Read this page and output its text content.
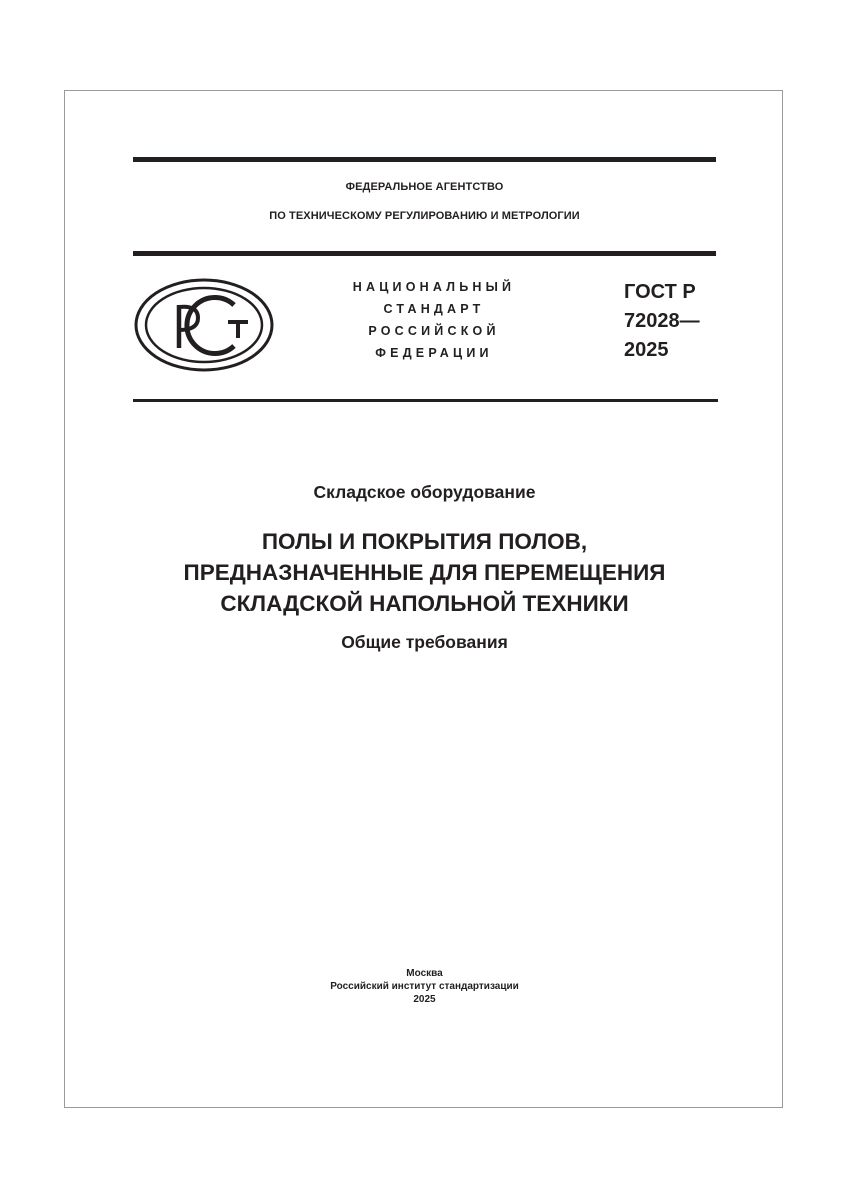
ФЕДЕРАЛЬНОЕ АГЕНТСТВО
ПО ТЕХНИЧЕСКОМУ РЕГУЛИРОВАНИЮ И МЕТРОЛОГИИ
НАЦИОНАЛЬНЫЙ
СТАНДАРТ
РОССИЙСКОЙ
ФЕДЕРАЦИИ
ГОСТ Р
72028—
2025
Складское оборудование
ПОЛЫ И ПОКРЫТИЯ ПОЛОВ,
ПРЕДНАЗНАЧЕННЫЕ ДЛЯ ПЕРЕМЕЩЕНИЯ
СКЛАДСКОЙ НАПОЛЬНОЙ ТЕХНИКИ
Общие требования
Москва
Российский институт стандартизации
2025
